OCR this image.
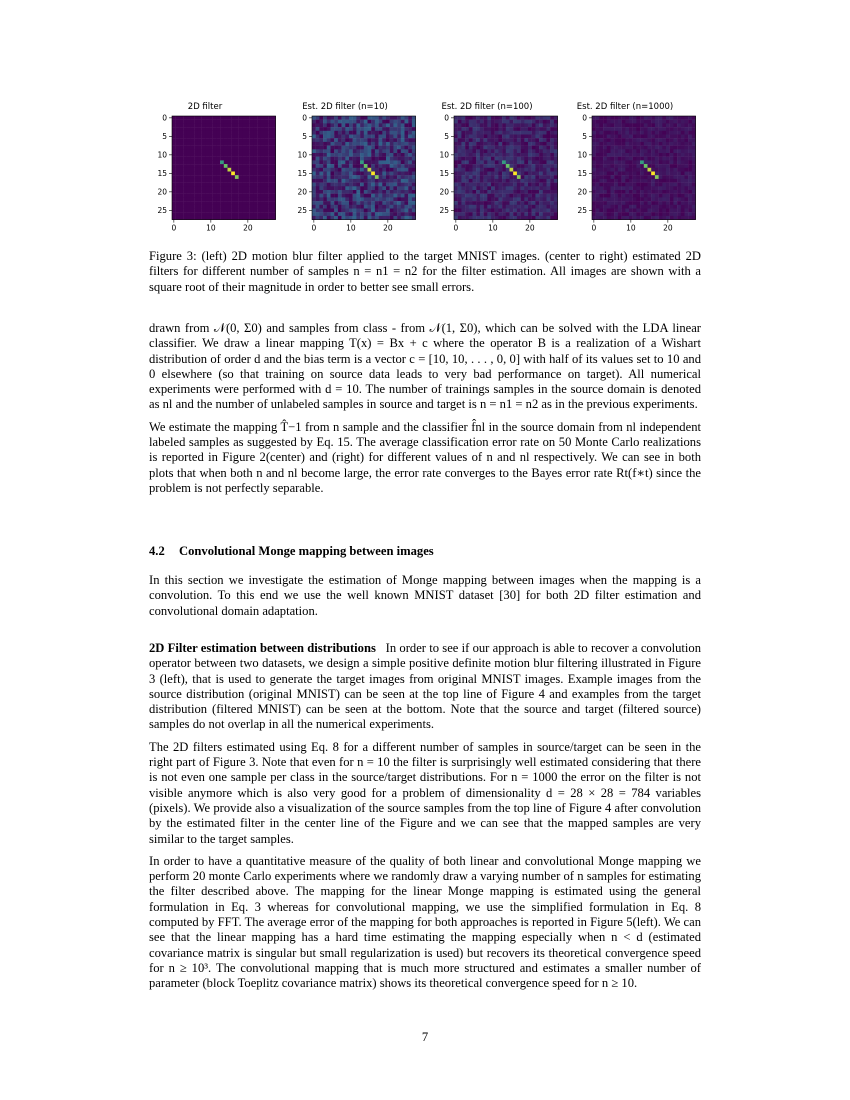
2D filter
0
5
10
15
20
25
0	10	20
Est. 2D filter (n=10)
0
5
10
15
20
25
0	10	20
Est. 2D filter (n=100)
0
5
10
15
20
25
0	10	20
Est. 2D filter (n=1000)
0
5
10
15
20
25
0	10	20
Figure 3: (left) 2D motion blur filter applied to the target MNIST images. (center to right) estimated 2D filters for different number of samples n = n1 = n2 for the filter estimation. All images are shown with a square root of their magnitude in order to better see small errors.

drawn from 𝒩(0, Σ0) and samples from class - from 𝒩(1, Σ0), which can be solved with the LDA linear classifier. We draw a linear mapping T(x) = Bx + c where the operator B is a realization of a Wishart distribution of order d and the bias term is a vector c = [10, 10, . . . , 0, 0] with half of its values set to 10 and 0 elsewhere (so that training on source data leads to very bad performance on target). All numerical experiments were performed with d = 10. The number of trainings samples in the source domain is denoted as nl and the number of unlabeled samples in source and target is n = n1 = n2 as in the previous experiments.

We estimate the mapping T̂−1 from n sample and the classifier f̂nl in the source domain from nl independent labeled samples as suggested by Eq. 15. The average classification error rate on 50 Monte Carlo realizations is reported in Figure 2(center) and (right) for different values of n and nl respectively. We can see in both plots that when both n and nl become large, the error rate converges to the Bayes error rate Rt(f∗t) since the problem is not perfectly separable.

4.2 Convolutional Monge mapping between images

In this section we investigate the estimation of Monge mapping between images when the mapping is a convolution. To this end we use the well known MNIST dataset [30] for both 2D filter estimation and convolutional domain adaptation.

2D Filter estimation between distributions In order to see if our approach is able to recover a convolution operator between two datasets, we design a simple positive definite motion blur filtering illustrated in Figure 3 (left), that is used to generate the target images from original MNIST images. Example images from the source distribution (original MNIST) can be seen at the top line of Figure 4 and examples from the target distribution (filtered MNIST) can be seen at the bottom. Note that the source and target (filtered source) samples do not overlap in all the numerical experiments.

The 2D filters estimated using Eq. 8 for a different number of samples in source/target can be seen in the right part of Figure 3. Note that even for n = 10 the filter is surprisingly well estimated considering that there is not even one sample per class in the source/target distributions. For n = 1000 the error on the filter is not visible anymore which is also very good for a problem of dimensionality d = 28 × 28 = 784 variables (pixels). We provide also a visualization of the source samples from the top line of Figure 4 after convolution by the estimated filter in the center line of the Figure and we can see that the mapped samples are very similar to the target samples.

In order to have a quantitative measure of the quality of both linear and convolutional Monge mapping we perform 20 monte Carlo experiments where we randomly draw a varying number of n samples for estimating the filter described above. The mapping for the linear Monge mapping is estimated using the general formulation in Eq. 3 whereas for convolutional mapping, we use the simplified formulation in Eq. 8 computed by FFT. The average error of the mapping for both approaches is reported in Figure 5(left). We can see that the linear mapping has a hard time estimating the mapping especially when n < d (estimated covariance matrix is singular but small regularization is used) but recovers its theoretical convergence speed for n ≥ 10³. The convolutional mapping that is much more structured and estimates a smaller number of parameter (block Toeplitz covariance matrix) shows its theoretical convergence speed for n ≥ 10.

7
